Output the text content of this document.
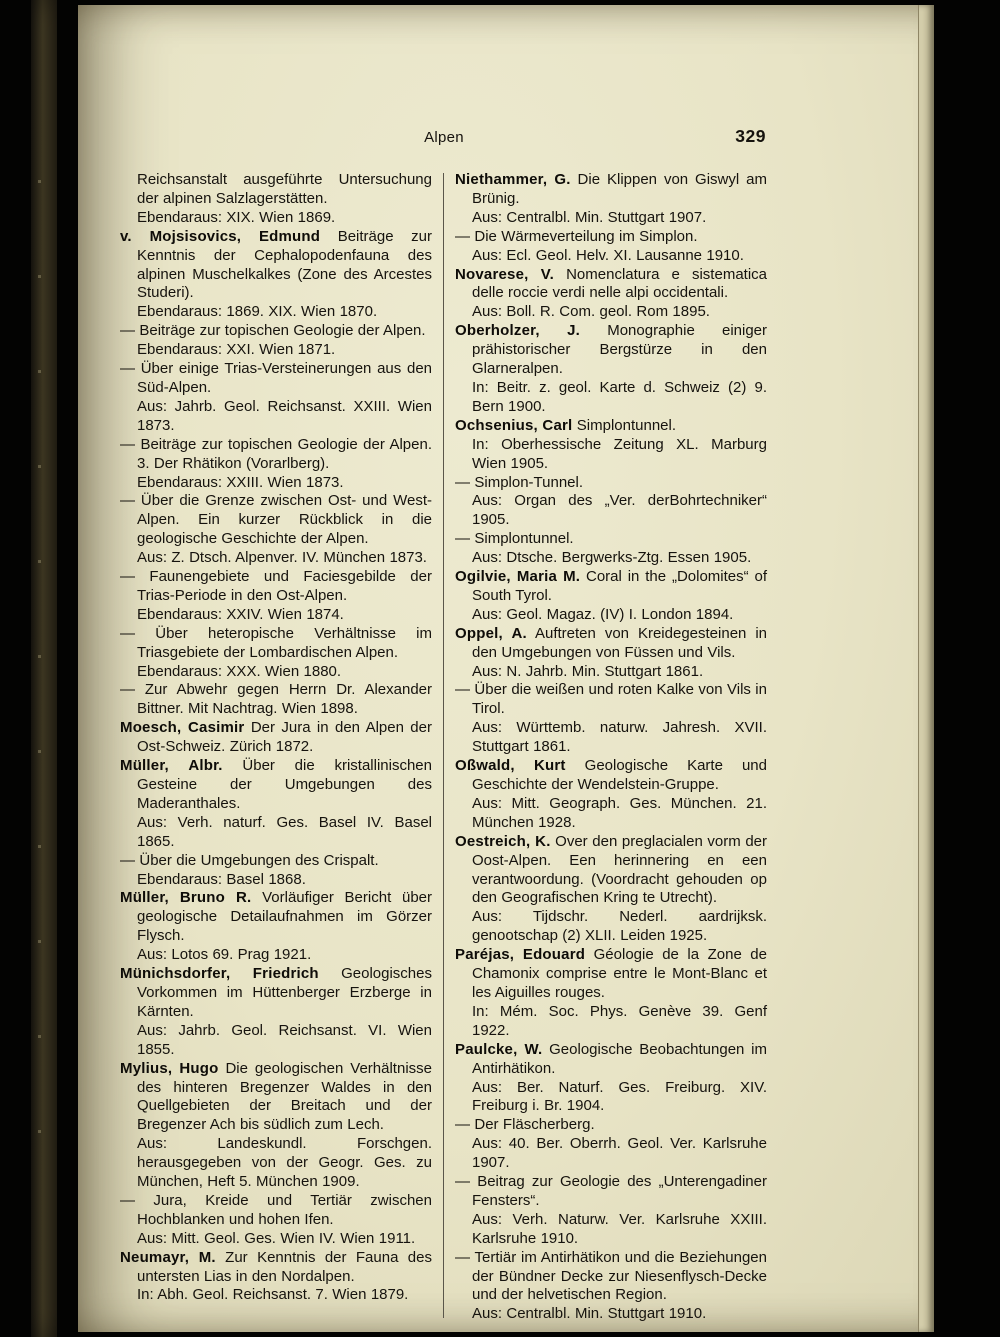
Alpen	329

Reichsanstalt ausgeführte Untersuchung der alpinen Salzlagerstätten.
Ebendaraus: XIX. Wien 1869.

v. Mojsisovics, Edmund Beiträge zur Kenntnis der Cephalopodenfauna des alpinen Muschelkalkes (Zone des Arcestes Studeri).
Ebendaraus: 1869. XIX. Wien 1870.

— Beiträge zur topischen Geologie der Alpen.
Ebendaraus: XXI. Wien 1871.

— Über einige Trias-Versteinerungen aus den Süd-Alpen.
Aus: Jahrb. Geol. Reichsanst. XXIII. Wien 1873.

— Beiträge zur topischen Geologie der Alpen. 3. Der Rhätikon (Vorarlberg).
Ebendaraus: XXIII. Wien 1873.

— Über die Grenze zwischen Ost- und West-Alpen. Ein kurzer Rückblick in die geologische Geschichte der Alpen.
Aus: Z. Dtsch. Alpenver. IV. München 1873.

— Faunengebiete und Faciesgebilde der Trias-Periode in den Ost-Alpen.
Ebendaraus: XXIV. Wien 1874.

— Über heteropische Verhältnisse im Triasgebiete der Lombardischen Alpen.
Ebendaraus: XXX. Wien 1880.

— Zur Abwehr gegen Herrn Dr. Alexander Bittner. Mit Nachtrag. Wien 1898.

Moesch, Casimir Der Jura in den Alpen der Ost-Schweiz. Zürich 1872.

Müller, Albr. Über die kristallinischen Gesteine der Umgebungen des Maderanthales.
Aus: Verh. naturf. Ges. Basel IV. Basel 1865.

— Über die Umgebungen des Crispalt.
Ebendaraus: Basel 1868.

Müller, Bruno R. Vorläufiger Bericht über geologische Detailaufnahmen im Görzer Flysch.
Aus: Lotos 69. Prag 1921.

Münichsdorfer, Friedrich Geologisches Vorkommen im Hüttenberger Erzberge in Kärnten.
Aus: Jahrb. Geol. Reichsanst. VI. Wien 1855.

Mylius, Hugo Die geologischen Verhältnisse des hinteren Bregenzer Waldes in den Quellgebieten der Breitach und der Bregenzer Ach bis südlich zum Lech.
Aus: Landeskundl. Forschgen. herausgegeben von der Geogr. Ges. zu München, Heft 5. München 1909.

— Jura, Kreide und Tertiär zwischen Hochblanken und hohen Ifen.
Aus: Mitt. Geol. Ges. Wien IV. Wien 1911.

Neumayr, M. Zur Kenntnis der Fauna des untersten Lias in den Nordalpen.
In: Abh. Geol. Reichsanst. 7. Wien 1879.

Niethammer, G. Die Klippen von Giswyl am Brünig.
Aus: Centralbl. Min. Stuttgart 1907.

— Die Wärmeverteilung im Simplon.
Aus: Ecl. Geol. Helv. XI. Lausanne 1910.

Novarese, V. Nomenclatura e sistematica delle roccie verdi nelle alpi occidentali.
Aus: Boll. R. Com. geol. Rom 1895.

Oberholzer, J. Monographie einiger prähistorischer Bergstürze in den Glarneralpen.
In: Beitr. z. geol. Karte d. Schweiz (2) 9. Bern 1900.

Ochsenius, Carl Simplontunnel.
In: Oberhessische Zeitung XL. Marburg Wien 1905.

— Simplon-Tunnel.
Aus: Organ des „Ver. derBohrtechniker“ 1905.

— Simplontunnel.
Aus: Dtsche. Bergwerks-Ztg. Essen 1905.

Ogilvie, Maria M. Coral in the „Dolomites“ of South Tyrol.
Aus: Geol. Magaz. (IV) I. London 1894.

Oppel, A. Auftreten von Kreidegesteinen in den Umgebungen von Füssen und Vils.
Aus: N. Jahrb. Min. Stuttgart 1861.

— Über die weißen und roten Kalke von Vils in Tirol.
Aus: Württemb. naturw. Jahresh. XVII. Stuttgart 1861.

Oßwald, Kurt Geologische Karte und Geschichte der Wendelstein-Gruppe.
Aus: Mitt. Geograph. Ges. München. 21. München 1928.

Oestreich, K. Over den preglacialen vorm der Oost-Alpen. Een herinnering en een verantwoordung. (Voordracht gehouden op den Geografischen Kring te Utrecht).
Aus: Tijdschr. Nederl. aardrijksk. genootschap (2) XLII. Leiden 1925.

Paréjas, Edouard Géologie de la Zone de Chamonix comprise entre le Mont-Blanc et les Aiguilles rouges.
In: Mém. Soc. Phys. Genève 39. Genf 1922.

Paulcke, W. Geologische Beobachtungen im Antirhätikon.
Aus: Ber. Naturf. Ges. Freiburg. XIV. Freiburg i. Br. 1904.

— Der Fläscherberg.
Aus: 40. Ber. Oberrh. Geol. Ver. Karlsruhe 1907.

— Beitrag zur Geologie des „Unterengadiner Fensters“.
Aus: Verh. Naturw. Ver. Karlsruhe XXIII. Karlsruhe 1910.

— Tertiär im Antirhätikon und die Beziehungen der Bündner Decke zur Niesenflysch-Decke und der helvetischen Region.
Aus: Centralbl. Min. Stuttgart 1910.
